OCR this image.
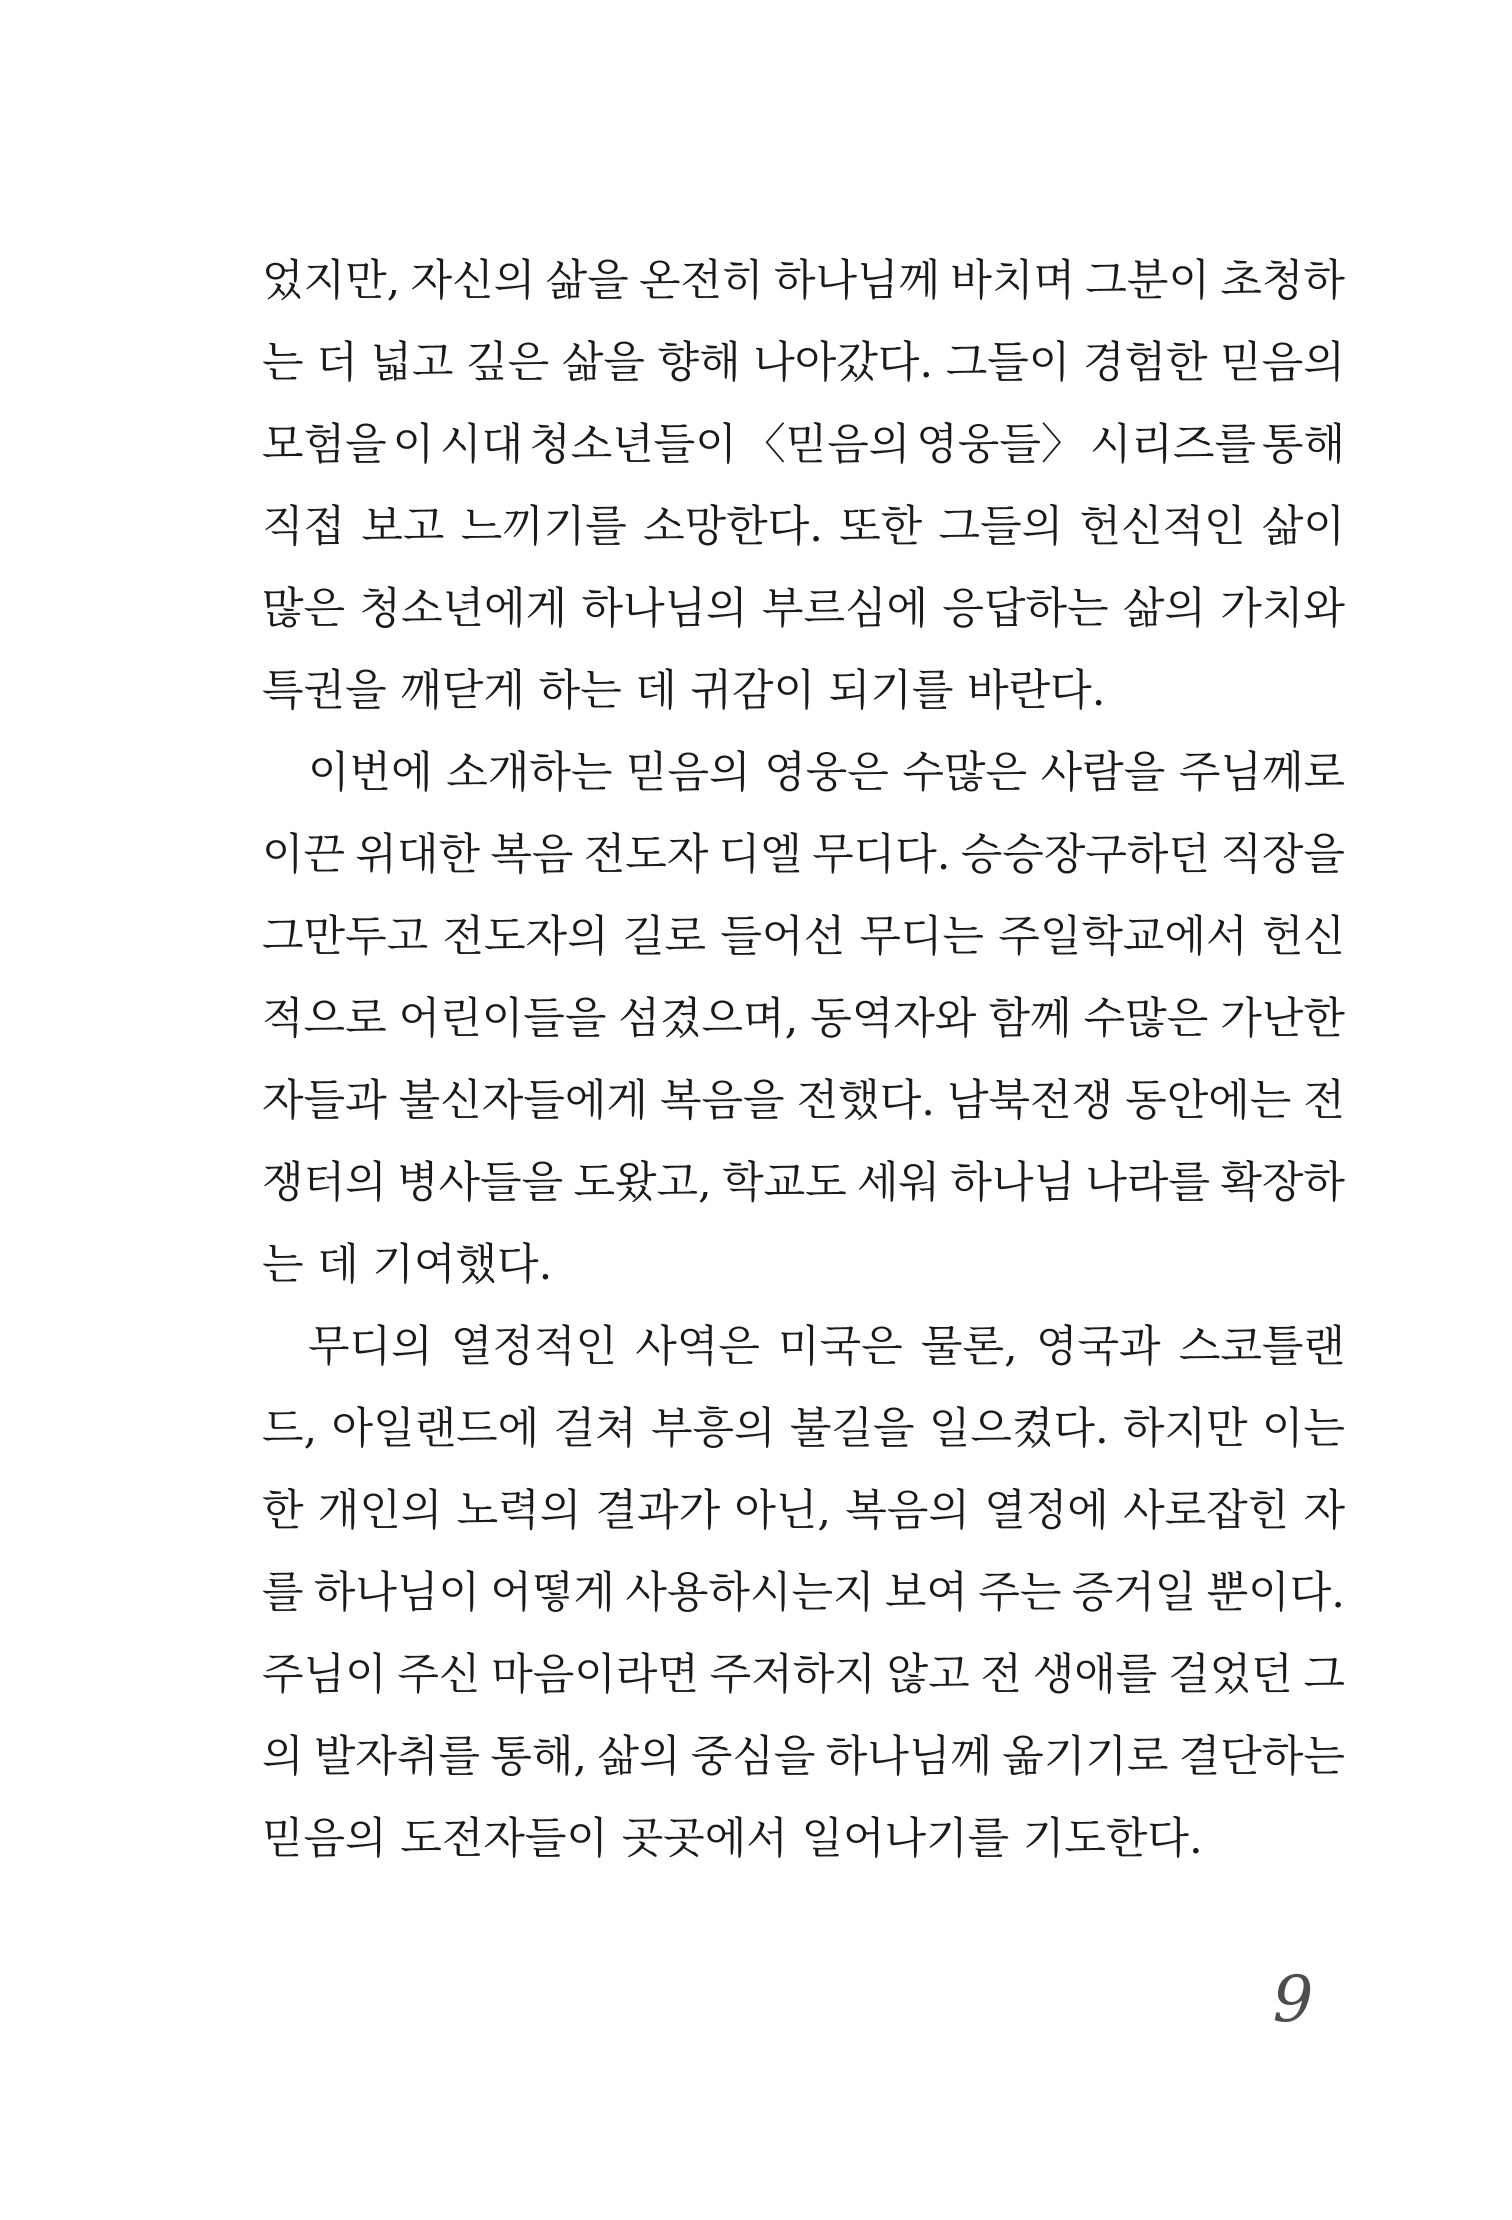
었지만, 자신의 삶을 온전히 하나님께 바치며 그분이 초청하
는 더 넓고 깊은 삶을 향해 나아갔다. 그들이 경험한 믿음의
모험을 이 시대 청소년들이 〈믿음의 영웅들〉 시리즈를 통해
직접 보고 느끼기를 소망한다. 또한 그들의 헌신적인 삶이
많은 청소년에게 하나님의 부르심에 응답하는 삶의 가치와
특권을 깨닫게 하는 데 귀감이 되기를 바란다.
이번에 소개하는 믿음의 영웅은 수많은 사람을 주님께로
이끈 위대한 복음 전도자 디엘 무디다. 승승장구하던 직장을
그만두고 전도자의 길로 들어선 무디는 주일학교에서 헌신
적으로 어린이들을 섬겼으며, 동역자와 함께 수많은 가난한
자들과 불신자들에게 복음을 전했다. 남북전쟁 동안에는 전
쟁터의 병사들을 도왔고, 학교도 세워 하나님 나라를 확장하
는 데 기여했다.
무디의 열정적인 사역은 미국은 물론, 영국과 스코틀랜
드, 아일랜드에 걸쳐 부흥의 불길을 일으켰다. 하지만 이는
한 개인의 노력의 결과가 아닌, 복음의 열정에 사로잡힌 자
를 하나님이 어떻게 사용하시는지 보여 주는 증거일 뿐이다.
주님이 주신 마음이라면 주저하지 않고 전 생애를 걸었던 그
의 발자취를 통해, 삶의 중심을 하나님께 옮기기로 결단하는
믿음의 도전자들이 곳곳에서 일어나기를 기도한다.
9
